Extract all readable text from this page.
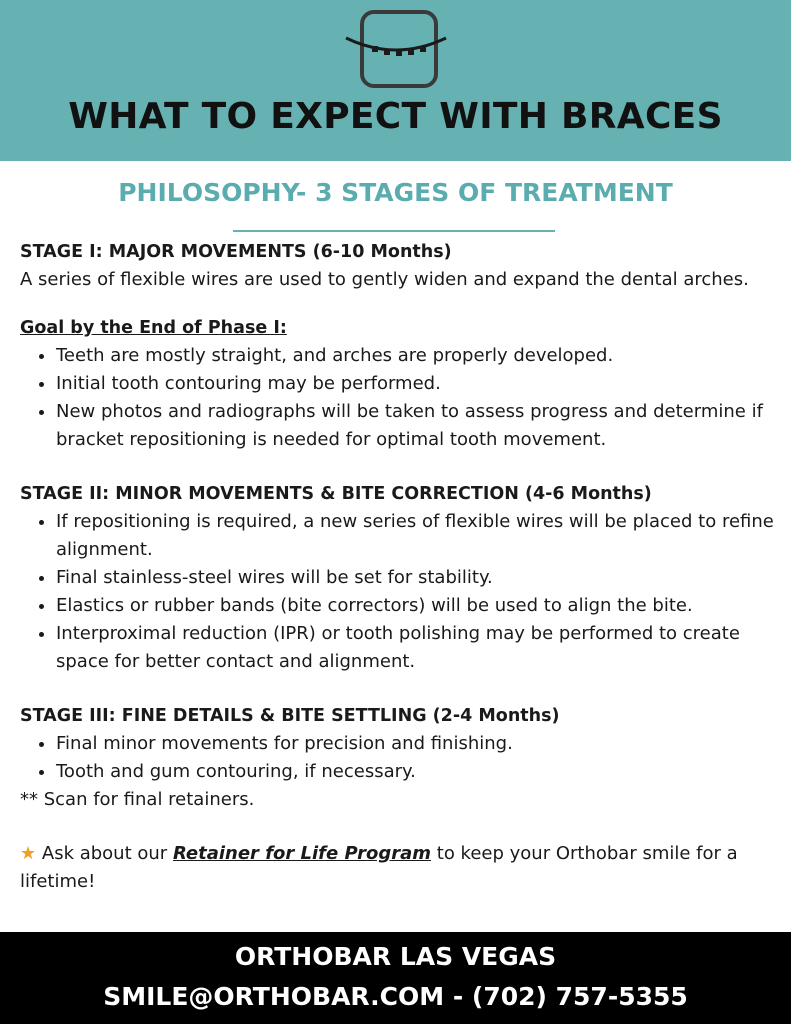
WHAT TO EXPECT WITH BRACES
PHILOSOPHY- 3 STAGES OF TREATMENT

STAGE I: MAJOR MOVEMENTS (6-10 Months)

A series of flexible wires are used to gently widen and expand the dental arches.

Goal by the End of Phase I:

• Teeth are mostly straight, and arches are properly developed.
• Initial tooth contouring may be performed.
• New photos and radiographs will be taken to assess progress and determine if bracket repositioning is needed for optimal tooth movement.

STAGE II: MINOR MOVEMENTS & BITE CORRECTION (4-6 Months)

• If repositioning is required, a new series of flexible wires will be placed to refine alignment.
• Final stainless-steel wires will be set for stability.
• Elastics or rubber bands (bite correctors) will be used to align the bite.
• Interproximal reduction (IPR) or tooth polishing may be performed to create space for better contact and alignment.

STAGE III: FINE DETAILS & BITE SETTLING (2-4 Months)

• Final minor movements for precision and finishing.
• Tooth and gum contouring, if necessary.

** Scan for final retainers.

★ Ask about our Retainer for Life Program to keep your Orthobar smile for a lifetime!

ORTHOBAR LAS VEGAS
SMILE@ORTHOBAR.COM - (702) 757-5355
